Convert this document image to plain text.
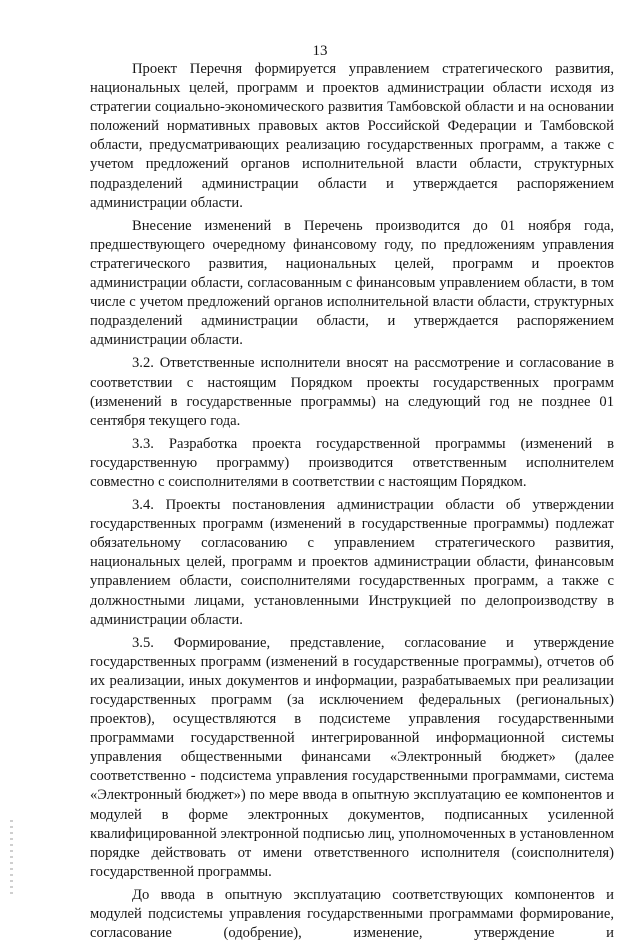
13

Проект Перечня формируется управлением стратегического развития, национальных целей, программ и проектов администрации области исходя из стратегии социально-экономического развития Тамбовской области и на основании положений нормативных правовых актов Российской Федерации и Тамбовской области, предусматривающих реализацию государственных программ, а также с учетом предложений органов исполнительной власти области, структурных подразделений администрации области и утверждается распоряжением администрации области.

Внесение изменений в Перечень производится до 01 ноября года, предшествующего очередному финансовому году, по предложениям управления стратегического развития, национальных целей, программ и проектов администрации области, согласованным с финансовым управлением области, в том числе с учетом предложений органов исполнительной власти области, структурных подразделений администрации области, и утверждается распоряжением администрации области.

3.2. Ответственные исполнители вносят на рассмотрение и согласование в соответствии с настоящим Порядком проекты государственных программ (изменений в государственные программы) на следующий год не позднее 01 сентября текущего года.

3.3. Разработка проекта государственной программы (изменений в государственную программу) производится ответственным исполнителем совместно с соисполнителями в соответствии с настоящим Порядком.

3.4. Проекты постановления администрации области об утверждении государственных программ (изменений в государственные программы) подлежат обязательному согласованию с управлением стратегического развития, национальных целей, программ и проектов администрации области, финансовым управлением области, соисполнителями государственных программ, а также с должностными лицами, установленными Инструкцией по делопроизводству в администрации области.

3.5. Формирование, представление, согласование и утверждение государственных программ (изменений в государственные программы), отчетов об их реализации, иных документов и информации, разрабатываемых при реализации государственных программ (за исключением федеральных (региональных) проектов), осуществляются в подсистеме управления государственными программами государственной интегрированной информационной системы управления общественными финансами «Электронный бюджет» (далее соответственно - подсистема управления государственными программами, система «Электронный бюджет») по мере ввода в опытную эксплуатацию ее компонентов и модулей в форме электронных документов, подписанных усиленной квалифицированной электронной подписью лиц, уполномоченных в установленном порядке действовать от имени ответственного исполнителя (соисполнителя) государственной программы.

До ввода в опытную эксплуатацию соответствующих компонентов и модулей подсистемы управления государственными программами формирование, согласование (одобрение), изменение, утверждение и
